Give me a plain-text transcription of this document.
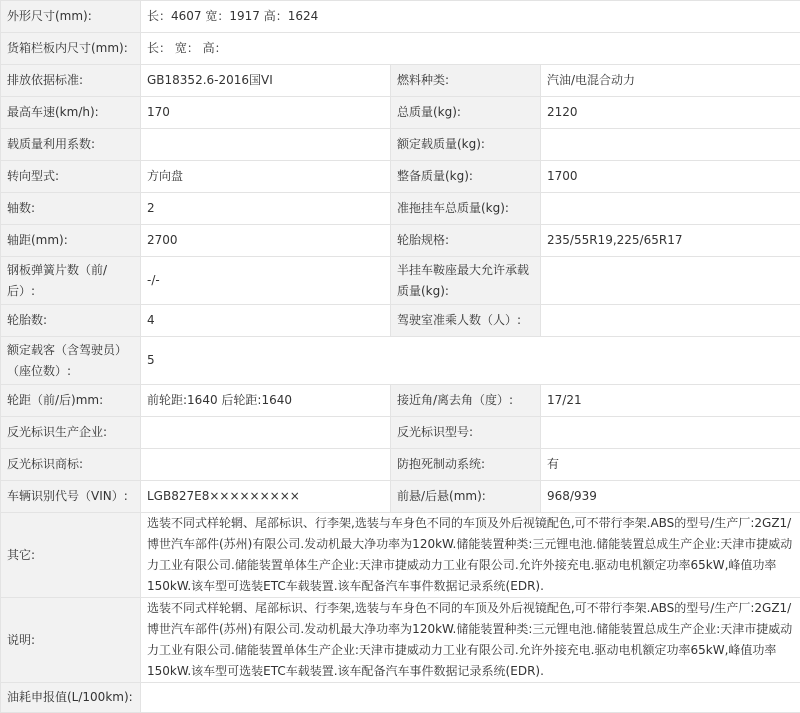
外形尺寸(mm):	长：4607 宽：1917 高：1624		
货箱栏板内尺寸(mm):	长： 宽： 高：		
排放依据标准:	GB18352.6-2016国VI	燃料种类:	汽油/电混合动力
最高车速(km/h):	170	总质量(kg):	2120
载质量利用系数:		额定载质量(kg):	
转向型式:	方向盘	整备质量(kg):	1700
轴数:	2	准拖挂车总质量(kg):	
轴距(mm):	2700	轮胎规格:	235/55R19,225/65R17
钢板弹簧片数（前/后）:	-/-	半挂车鞍座最大允许承载质量(kg):	
轮胎数:	4	驾驶室准乘人数（人）:	
额定载客（含驾驶员）（座位数）:	5		
轮距（前/后)mm:	前轮距:1640 后轮距:1640	接近角/离去角（度）:	17/21
反光标识生产企业:		反光标识型号:	
反光标识商标:		防抱死制动系统:	有
车辆识别代号（VIN）:	LGB827E8×××××××××	前悬/后悬(mm):	968/939
其它:	选装不同式样轮辋、尾部标识、行李架,选装与车身色不同的车顶及外后视镜配色,可不带行李架.ABS的型号/生产厂:2GZ1/博世汽车部件(苏州)有限公司.发动机最大净功率为120kW.储能装置种类:三元锂电池.储能装置总成生产企业:天津市捷威动力工业有限公司.储能装置单体生产企业:天津市捷威动力工业有限公司.允许外接充电.驱动电机额定功率65kW,峰值功率150kW.该车型可选装ETC车载装置.该车配备汽车事件数据记录系统(EDR).		
说明:	选装不同式样轮辋、尾部标识、行李架,选装与车身色不同的车顶及外后视镜配色,可不带行李架.ABS的型号/生产厂:2GZ1/博世汽车部件(苏州)有限公司.发动机最大净功率为120kW.储能装置种类:三元锂电池.储能装置总成生产企业:天津市捷威动力工业有限公司.储能装置单体生产企业:天津市捷威动力工业有限公司.允许外接充电.驱动电机额定功率65kW,峰值功率150kW.该车型可选装ETC车载装置.该车配备汽车事件数据记录系统(EDR).		
油耗申报值(L/100km):			
